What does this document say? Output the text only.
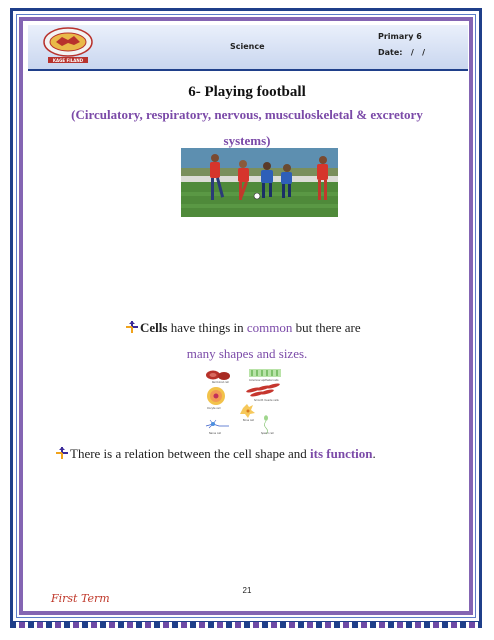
KAGE FILAND
Science
Primary 6
Date:   /   /
6- Playing football
(Circulatory, respiratory, nervous, musculoskeletal & excretory
systems)
Cells have things in common but there are
many shapes and sizes.
Red blood cell
Columnar epithelial cells
Oocyte cell
Smooth muscle cells
Bone cell
Nerve cell	Sperm cell
There is a relation between the cell shape and its function.
21
First Term
